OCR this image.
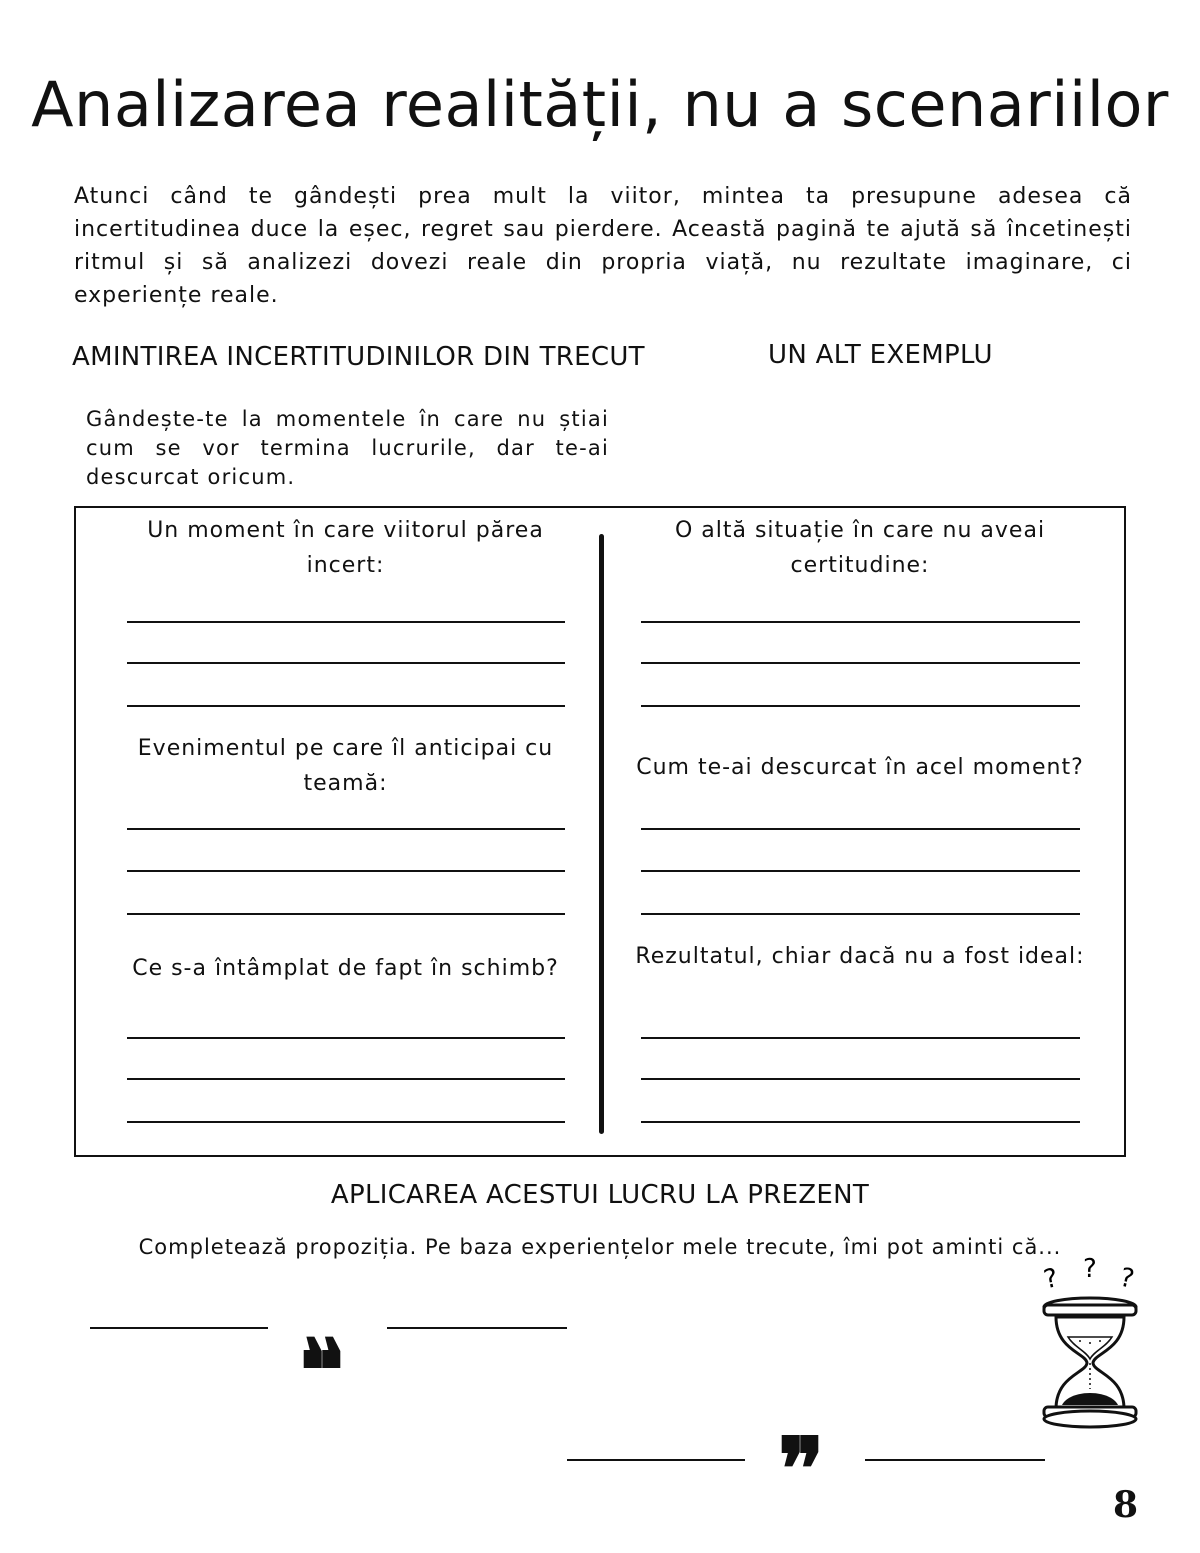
Analizarea realității, nu a scenariilor
Atunci când te gândești prea mult la viitor, mintea ta presupune adesea că incertitudinea duce la eșec, regret sau pierdere. Această pagină te ajută să încetinești ritmul și să analizezi dovezi reale din propria viață, nu rezultate imaginare, ci experiențe reale.
AMINTIREA INCERTITUDINILOR DIN TRECUT	UN ALT EXEMPLU
Gândește-te la momentele în care nu știai cum se vor termina lucrurile, dar te-ai descurcat oricum.
Un moment în care viitorul părea incert:
Evenimentul pe care îl anticipai cu teamă:
Ce s-a întâmplat de fapt în schimb?
O altă situație în care nu aveai certitudine:
Cum te-ai descurcat în acel moment?
Rezultatul, chiar dacă nu a fost ideal:
APLICAREA ACESTUI LUCRU LA PREZENT
Completează propoziția. Pe baza experiențelor mele trecute, îmi pot aminti că...
❞
❞
? ? ?
8
